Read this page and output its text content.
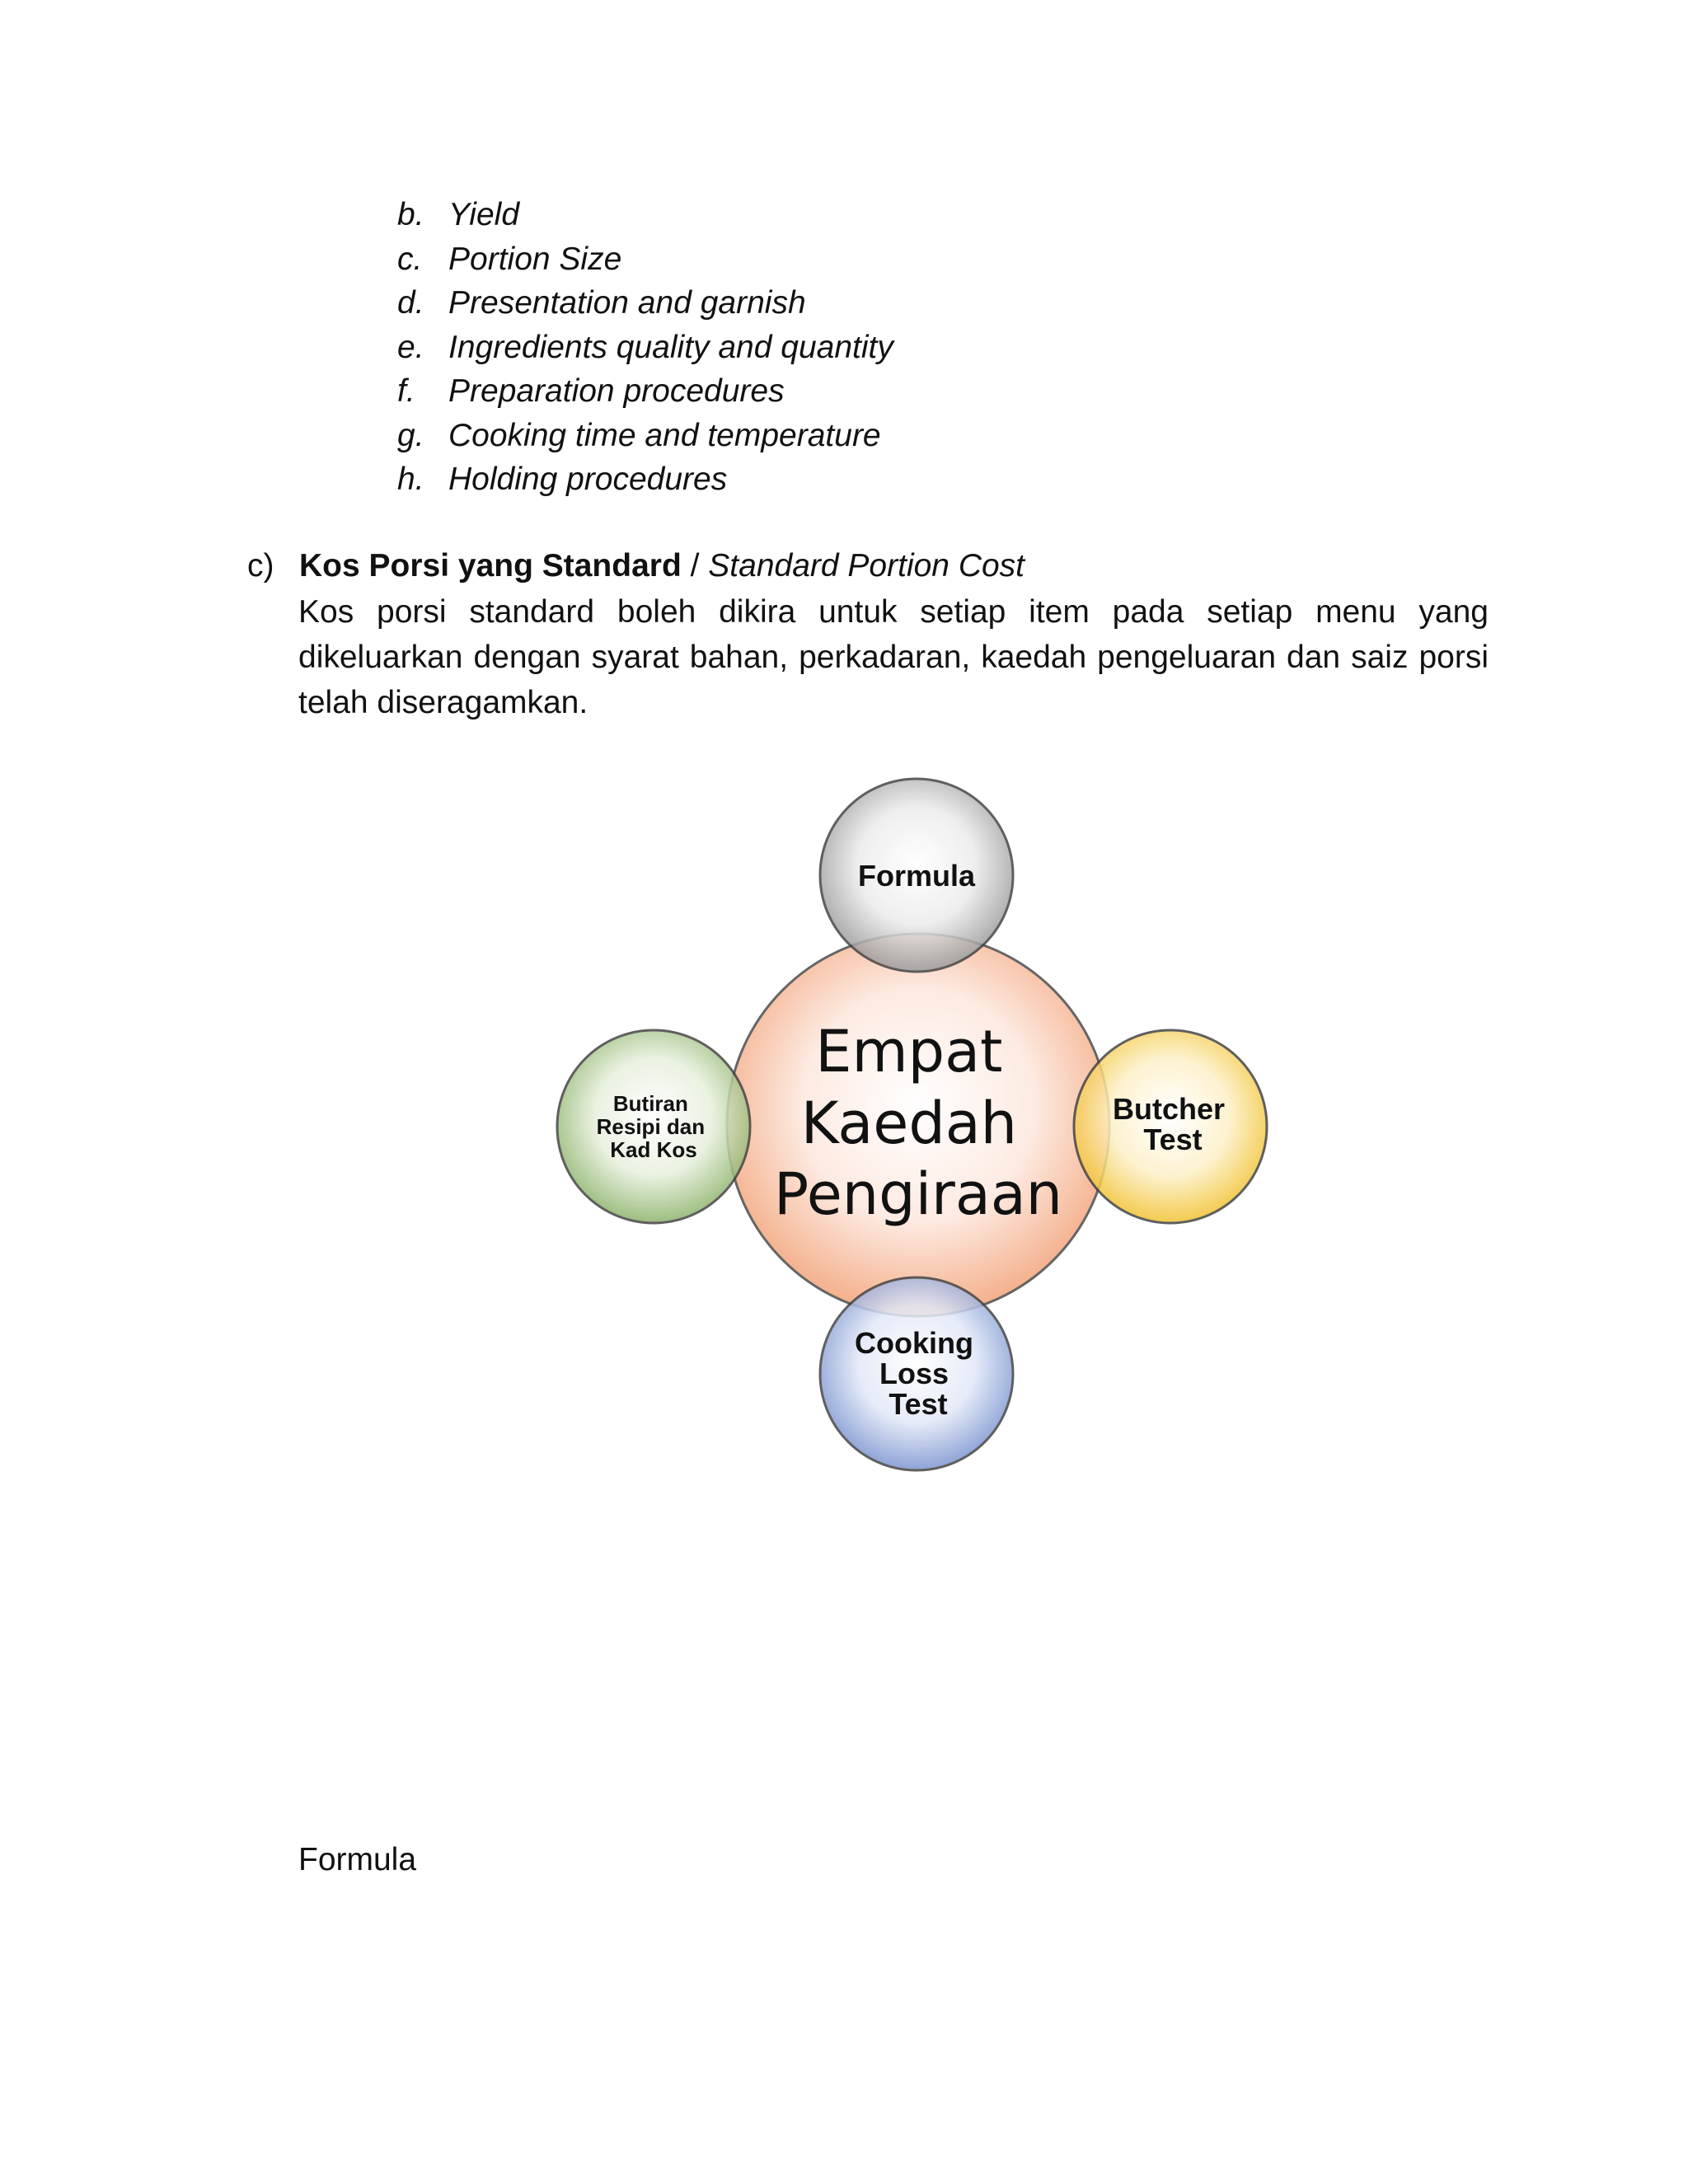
b. Yield
c. Portion Size
d. Presentation and garnish
e. Ingredients quality and quantity
f. Preparation procedures
g. Cooking time and temperature
h. Holding procedures
c) Kos Porsi yang Standard / Standard Portion Cost

Kos porsi standard boleh dikira untuk setiap item pada setiap menu yang dikeluarkan dengan syarat bahan, perkadaran, kaedah pengeluaran dan saiz porsi telah diseragamkan.

Empat Kaedah Pengiraan
Formula
Butcher Test
Cooking Loss Test
Butiran Resipi dan Kad Kos
Formula
